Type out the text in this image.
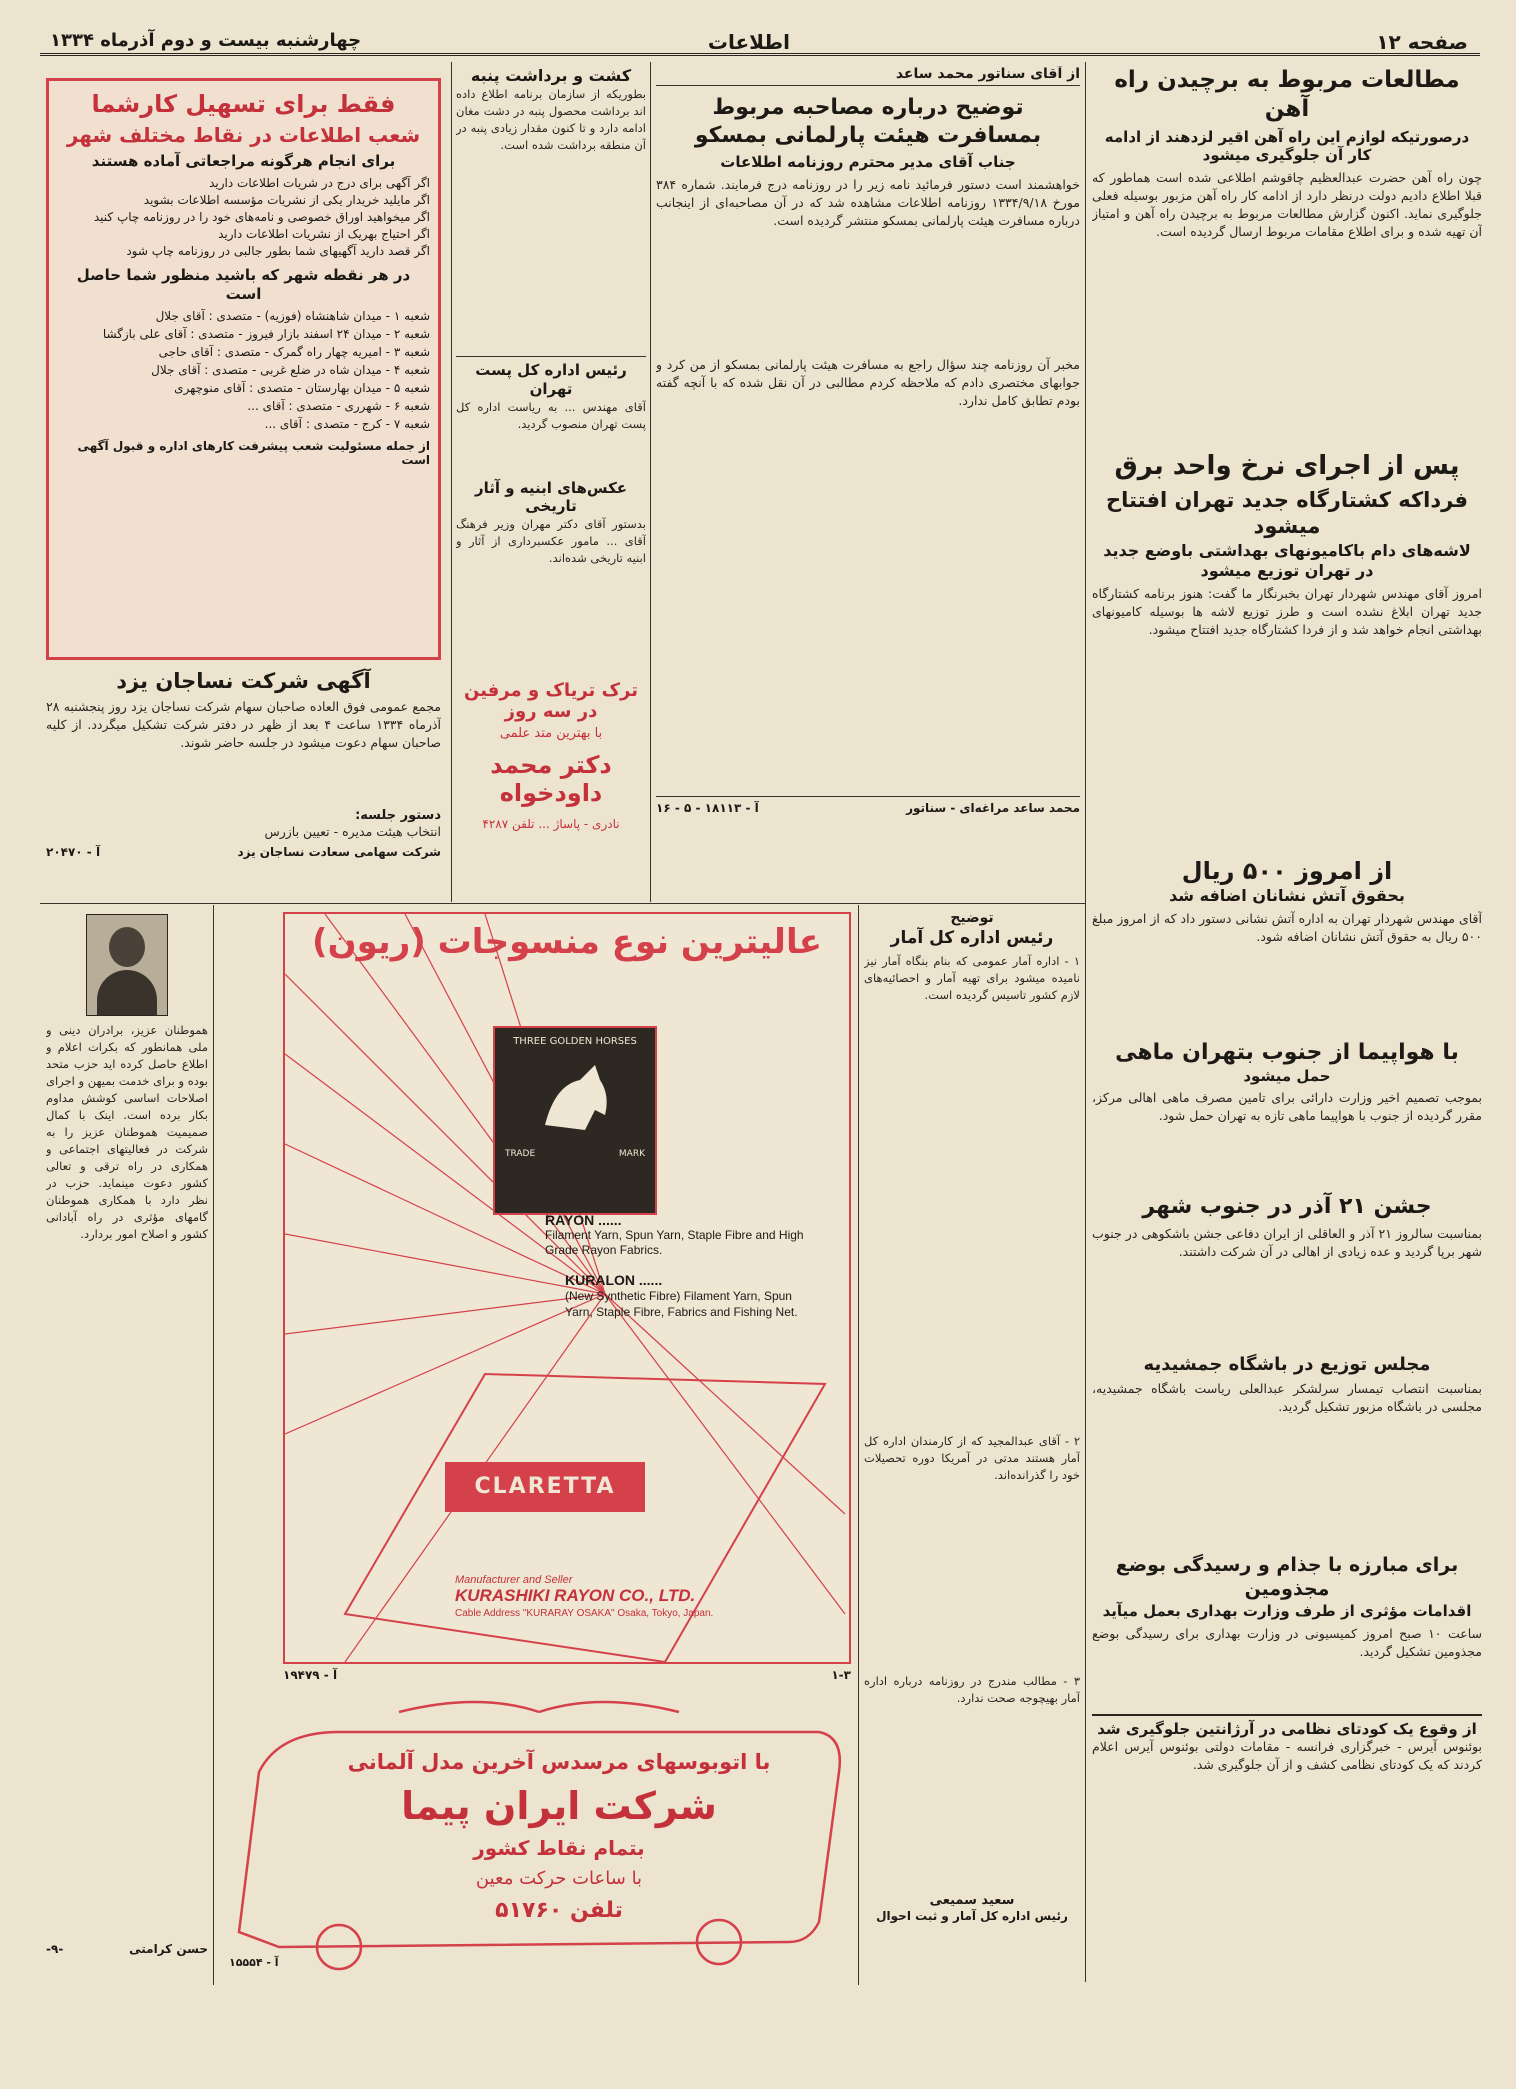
صفحه ۱۲
اطلاعات
چهارشنبه بیست و دوم آذرماه ۱۳۳۴
مطالعات مربوط به برچیدن راه آهن
درصورتیکه لوازم این راه آهن اقیر لزدهند از ادامه کار آن جلوگیری میشود
چون راه آهن حضرت عبدالعظیم چاقوشم اطلاعی شده است هماطور که قبلا اطلاع دادیم دولت درنظر دارد از ادامه کار راه آهن مزبور بوسیله فعلی جلوگیری نماید. اکنون گزارش مطالعات مربوط به برچیدن راه آهن و امتیاز آن تهیه شده و برای اطلاع مقامات مربوط ارسال گردیده است.
پس از اجرای نرخ واحد برق
فرداکه کشتارگاه جدید تهران افتتاح میشود
لاشه‌های دام باکامیونهای بهداشتی باوضع جدید در تهران توزیع میشود
امروز آقای مهندس شهردار تهران بخبرنگار ما گفت: هنوز برنامه کشتارگاه جدید تهران ابلاغ نشده است و طرز توزیع لاشه ها بوسیله کامیونهای بهداشتی انجام خواهد شد و از فردا کشتارگاه جدید افتتاح میشود.
از امروز ۵۰۰ ریال
بحقوق آتش نشانان اضافه شد
آقای مهندس شهردار تهران به اداره آتش نشانی دستور داد که از امروز مبلغ ۵۰۰ ریال به حقوق آتش نشانان اضافه شود.
با هواپیما از جنوب بتهران ماهی
حمل میشود
بموجب تصمیم اخیر وزارت دارائی برای تامین مصرف ماهی اهالی مرکز، مقرر گردیده از جنوب با هواپیما ماهی تازه به تهران حمل شود.
جشن ۲۱ آذر در جنوب شهر
بمناسبت سالروز ۲۱ آذر و العاقلی از ایران دفاعی جشن باشکوهی در جنوب شهر برپا گردید و عده زیادی از اهالی در آن شرکت داشتند.
مجلس توزیع در باشگاه جمشیدیه
بمناسبت انتصاب تیمسار سرلشکر عبدالعلی ریاست باشگاه جمشیدیه، مجلسی در باشگاه مزبور تشکیل گردید.
برای مبارزه با جذام و رسیدگی بوضع مجذومین
اقدامات مؤثری از طرف وزارت بهداری بعمل میآید
ساعت ۱۰ صبح امروز کمیسیونی در وزارت بهداری برای رسیدگی بوضع مجذومین تشکیل گردید.
از وقوع یک کودتای نظامی در آرژانتین جلوگیری شد
بوئنوس آیرس - خبرگزاری فرانسه - مقامات دولتی بوئنوس آیرس اعلام کردند که یک کودتای نظامی کشف و از آن جلوگیری شد.
از آقای سناتور محمد ساعد
توضیح درباره مصاحبه مربوط
بمسافرت هیئت پارلمانی بمسکو
جناب آقای مدیر محترم روزنامه اطلاعات
خواهشمند است دستور فرمائید نامه زیر را در روزنامه درج فرمایند. شماره ۳۸۴ مورخ ۱۳۳۴/۹/۱۸ روزنامه اطلاعات مشاهده شد که در آن مصاحبه‌ای از اینجانب درباره مسافرت هیئت پارلمانی بمسکو منتشر گردیده است.
مخبر آن روزنامه چند سؤال راجع به مسافرت هیئت پارلمانی بمسکو از من کرد و جوابهای مختصری دادم که ملاحظه کردم مطالبی در آن نقل شده که با آنچه گفته بودم تطابق کامل ندارد.
محمد ساعد مراغه‌ای - سناتور
آ - ۱۸۱۱۳ - ۵ - ۱۶
کشت و برداشت پنبه
بطوریکه از سازمان برنامه اطلاع داده اند برداشت محصول پنبه در دشت مغان ادامه دارد و تا کنون مقدار زیادی پنبه در آن منطقه برداشت شده است.
رئیس اداره کل پست تهران
آقای مهندس ... به ریاست اداره کل پست تهران منصوب گردید.
عکس‌های ابنیه و آثار تاریخی
بدستور آقای دکتر مهران وزیر فرهنگ آقای ... مامور عکسبرداری از آثار و ابنیه تاریخی شده‌اند.
ترک تریاک و مرفین در سه روز
با بهترین متد علمی
دکتر محمد داودخواه
نادری - پاساژ ... تلفن ۴۲۸۷
فقط برای تسهیل کارشما
شعب اطلاعات در نقاط مختلف شهر
برای انجام هرگونه مراجعاتی آماده هستند
اگر آگهی برای درج در شریات اطلاعات دارید
اگر مایلید خریدار یکی از نشریات مؤسسه اطلاعات بشوید
اگر میخواهید اوراق خصوصی و نامه‌های خود را در روزنامه چاپ کنید
اگر احتیاج بهریک از نشریات اطلاعات دارید
اگر قصد دارید آگهیهای شما بطور جالبی در روزنامه چاپ شود
در هر نقطه شهر که باشید منظور شما حاصل است
شعبه ۱ - میدان شاهنشاه (فوزیه) - متصدی : آقای جلال
شعبه ۲ - میدان ۲۴ اسفند بازار فیروز - متصدی : آقای علی بازگشا
شعبه ۳ - امیریه چهار راه گمرک - متصدی : آقای حاجی
شعبه ۴ - میدان شاه در ضلع غربی - متصدی : آقای جلال
شعبه ۵ - میدان بهارستان - متصدی : آقای منوچهری
شعبه ۶ - شهرری - متصدی : آقای ...
شعبه ۷ - کرج - متصدی : آقای ...
از جمله مسئولیت شعب پیشرفت کارهای اداره و قبول آگهی است
آگهی شرکت نساجان یزد
مجمع عمومی فوق العاده صاحبان سهام شرکت نساجان یزد روز پنجشنبه ۲۸ آذرماه ۱۳۳۴ ساعت ۴ بعد از ظهر در دفتر شرکت تشکیل میگردد. از کلیه صاحبان سهام دعوت میشود در جلسه حاضر شوند.
دستور جلسه:
انتخاب هیئت مدیره - تعیین بازرس
شرکت سهامی سعادت نساجان یزد
آ - ۲۰۴۷۰
هموطنان عزیز، برادران دینی و ملی همانطور که بکرات اعلام و اطلاع حاصل کرده اید حزب متحد بوده و برای خدمت بمیهن و اجرای اصلاحات اساسی کوشش مداوم بکار برده است. اینک با کمال صمیمیت هموطنان عزیز را به شرکت در فعالیتهای اجتماعی و همکاری در راه ترقی و تعالی کشور دعوت مینماید. حزب در نظر دارد با همکاری هموطنان گامهای مؤثری در راه آبادانی کشور و اصلاح امور بردارد.
حسن کرامتی
-۹-
توضیح
رئیس اداره کل آمار
۱ - اداره آمار عمومی که بنام بنگاه آمار نیز نامیده میشود برای تهیه آمار و احصائیه‌های لازم کشور تاسیس گردیده است.
۲ - آقای عبدالمجید که از کارمندان اداره کل آمار هستند مدتی در آمریکا دوره تحصیلات خود را گذرانده‌اند.
۳ - مطالب مندرج در روزنامه درباره اداره آمار بهیچوجه صحت ندارد.
سعید سمیعی
رئیس اداره کل آمار و ثبت احوال
عالیترین نوع منسوجات (ریون)
THREE GOLDEN HORSES
TRADE	MARK
RAYON ......
Filament Yarn, Spun Yarn, Staple Fibre and High Grade Rayon Fabrics.
KURALON ......
(New Synthetic Fibre) Filament Yarn, Spun Yarn, Staple Fibre, Fabrics and Fishing Net.
CLARETTA
Manufacturer and Seller
KURASHIKI RAYON CO., LTD.
Cable Address "KURARAY OSAKA" Osaka, Tokyo, Japan.
۱-۳
آ - ۱۹۴۷۹
با اتوبوسهای مرسدس آخرین مدل آلمانی
شرکت ایران پیما
بتمام نقاط کشور
با ساعات حرکت معین
تلفن ۵۱۷۶۰
آ - ۱۵۵۵۴
